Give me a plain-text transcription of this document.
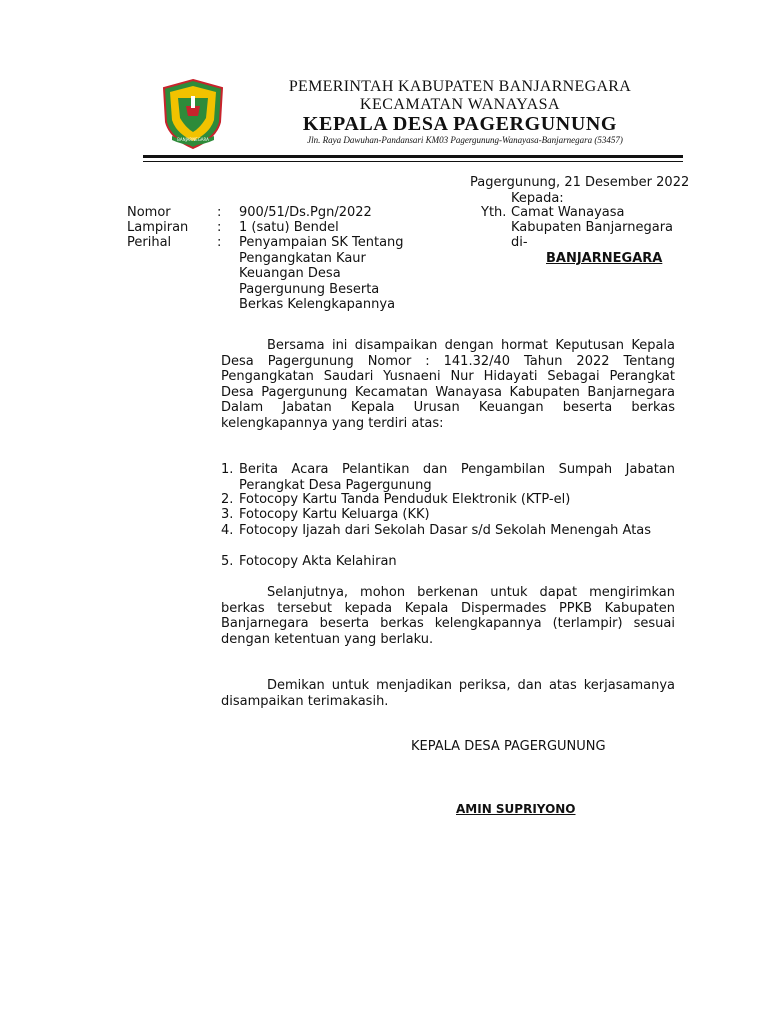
BANJARNEGARA
PEMERINTAH KABUPATEN BANJARNEGARA
KECAMATAN WANAYASA
KEPALA DESA PAGERGUNUNG
Jln. Raya Dawuhan-Pandansari KM03 Pagergunung-Wanayasa-Banjarnegara (53457)
Pagergunung, 21 Desember 2022
Kepada:
Yth. Camat Wanayasa
Kabupaten Banjarnegara
di-
BANJARNEGARA
Nomor	: 900/51/Ds.Pgn/2022
Lampiran : 1 (satu) Bendel
Perihal	: Penyampaian SK Tentang
Pengangkatan Kaur
Keuangan Desa
Pagergunung Beserta
Berkas Kelengkapannya
Bersama ini disampaikan dengan hormat Keputusan Kepala Desa Pagergunung Nomor : 141.32/40 Tahun 2022 Tentang Pengangkatan Saudari Yusnaeni Nur Hidayati Sebagai Perangkat Desa Pagergunung Kecamatan Wanayasa Kabupaten Banjarnegara Dalam Jabatan Kepala Urusan Keuangan beserta berkas kelengkapannya yang terdiri atas:
1. Berita Acara Pelantikan dan Pengambilan Sumpah Jabatan Perangkat Desa Pagergunung
2. Fotocopy Kartu Tanda Penduduk Elektronik (KTP-el)
3. Fotocopy Kartu Keluarga (KK)
4. Fotocopy Ijazah dari Sekolah Dasar s/d Sekolah Menengah Atas
5. Fotocopy Akta Kelahiran
Selanjutnya, mohon berkenan untuk dapat mengirimkan berkas tersebut kepada Kepala Dispermades PPKB Kabupaten Banjarnegara beserta berkas kelengkapannya (terlampir) sesuai dengan ketentuan yang berlaku.
Demikan untuk menjadikan periksa, dan atas kerjasamanya disampaikan terimakasih.
KEPALA DESA PAGERGUNUNG
AMIN SUPRIYONO
